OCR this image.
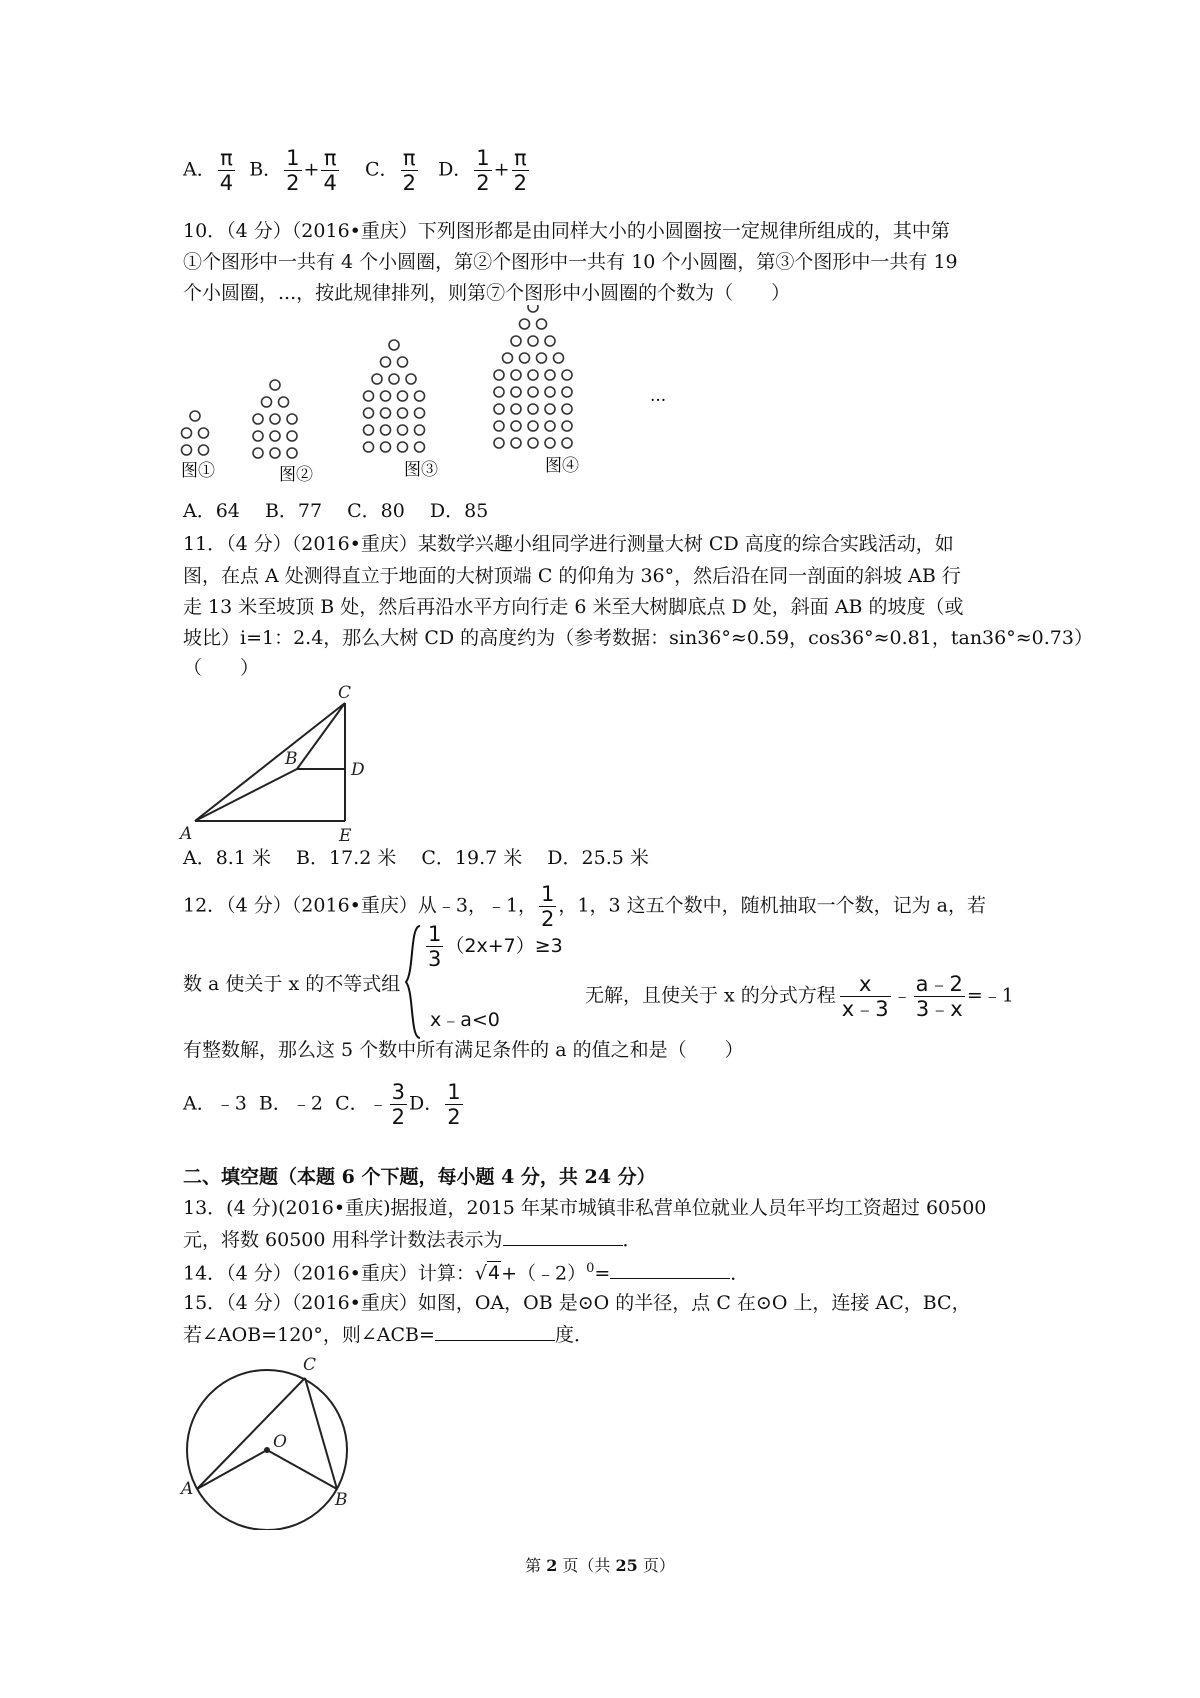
A． $\frac{\pi}{4}$ B． $\frac{1}{2} + \frac{\pi}{4}$ C． $\frac{\pi}{2}$ D． $\frac{1}{2} + \frac{\pi}{2}$
10．（4 分）（2016•重庆）下列图形都是由同样大小的小圆圈按一定规律所组成的，其中第
①个图形中一共有 4 个小圆圈，第②个图形中一共有 10 个小圆圈，第③个图形中一共有 19
个小圆圈，...，按此规律排列，则第⑦个图形中小圆圈的个数为（　　）
图①	图②	图③	图④
...
A．64　 B．77　 C．80　 D．85
11．（4 分）（2016•重庆）某数学兴趣小组同学进行测量大树 CD 高度的综合实践活动，如
图，在点 A 处测得直立于地面的大树顶端 C 的仰角为 36°，然后沿在同一剖面的斜坡 AB 行
走 13 米至坡顶 B 处，然后再沿水平方向行走 6 米至大树脚底点 D 处，斜面 AB 的坡度（或
坡比）i=1：2.4，那么大树 CD 的高度约为（参考数据：sin36°≈0.59，cos36°≈0.81，tan36°≈0.73）
（　　）
A
B
C
D
E
A．8.1 米　 B．17.2 米　 C．19.7 米　 D．25.5 米
12．（4 分）（2016•重庆）从﹣3，﹣1， $\frac{1}{2}$ ，1，3 这五个数中，随机抽取一个数，记为 a，若
数 a 使关于 x 的不等式组
$\frac{1}{3} (2x+7)\ge 3$
x﹣a<0
无解，且使关于 x 的分式方程 $\frac{x}{x﹣3}$ ﹣ $\frac{a﹣2}{3﹣x}$ =﹣1
有整数解，那么这 5 个数中所有满足条件的 a 的值之和是（　　）
A．﹣3 B．﹣2 C．﹣ $\frac{3}{2}$ D． $\frac{1}{2}$
二、填空题（本题 6 个下题，每小题 4 分，共 24 分）
13．(4 分)(2016•重庆)据报道，2015 年某市城镇非私营单位就业人员年平均工资超过 60500
元，将数 60500 用科学计数法表示为	．
14．（4 分）（2016•重庆）计算：√4+（﹣2）$^0$=	．
15．（4 分）（2016•重庆）如图，OA，OB 是⊙O 的半径，点 C 在⊙O 上，连接 AC，BC，
若∠AOB=120°，则∠ACB=	度．
A
B
C
O
第 2 页（共 25 页）
